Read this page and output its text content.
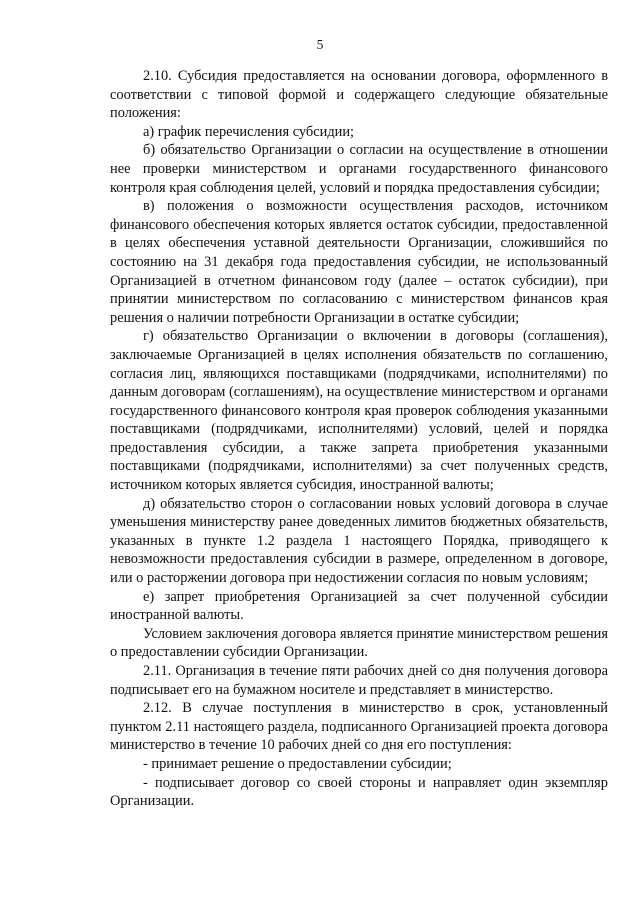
5

2.10. Субсидия предоставляется на основании договора, оформленного в соответствии с типовой формой и содержащего следующие обязательные положения:

а) график перечисления субсидии;

б) обязательство Организации о согласии на осуществление в отношении нее проверки министерством и органами государственного финансового контроля края соблюдения целей, условий и порядка предоставления субсидии;

в) положения о возможности осуществления расходов, источником финансового обеспечения которых является остаток субсидии, предоставленной в целях обеспечения уставной деятельности Организации, сложившийся по состоянию на 31 декабря года предоставления субсидии, не использованный Организацией в отчетном финансовом году (далее – остаток субсидии), при принятии министерством по согласованию с министерством финансов края решения о наличии потребности Организации в остатке субсидии;

г) обязательство Организации о включении в договоры (соглашения), заключаемые Организацией в целях исполнения обязательств по соглашению, согласия лиц, являющихся поставщиками (подрядчиками, исполнителями) по данным договорам (соглашениям), на осуществление министерством и органами государственного финансового контроля края проверок соблюдения указанными поставщиками (подрядчиками, исполнителями) условий, целей и порядка предоставления субсидии, а также запрета приобретения указанными поставщиками (подрядчиками, исполнителями) за счет полученных средств, источником которых является субсидия, иностранной валюты;

д) обязательство сторон о согласовании новых условий договора в случае уменьшения министерству ранее доведенных лимитов бюджетных обязательств, указанных в пункте 1.2 раздела 1 настоящего Порядка, приводящего к невозможности предоставления субсидии в размере, определенном в договоре, или о расторжении договора при недостижении согласия по новым условиям;

е) запрет приобретения Организацией за счет полученной субсидии иностранной валюты.

Условием заключения договора является принятие министерством решения о предоставлении субсидии Организации.

2.11. Организация в течение пяти рабочих дней со дня получения договора подписывает его на бумажном носителе и представляет в министерство.

2.12. В случае поступления в министерство в срок, установленный пунктом 2.11 настоящего раздела, подписанного Организацией проекта договора министерство в течение 10 рабочих дней со дня его поступления:

- принимает решение о предоставлении субсидии;

- подписывает договор со своей стороны и направляет один экземпляр Организации.
